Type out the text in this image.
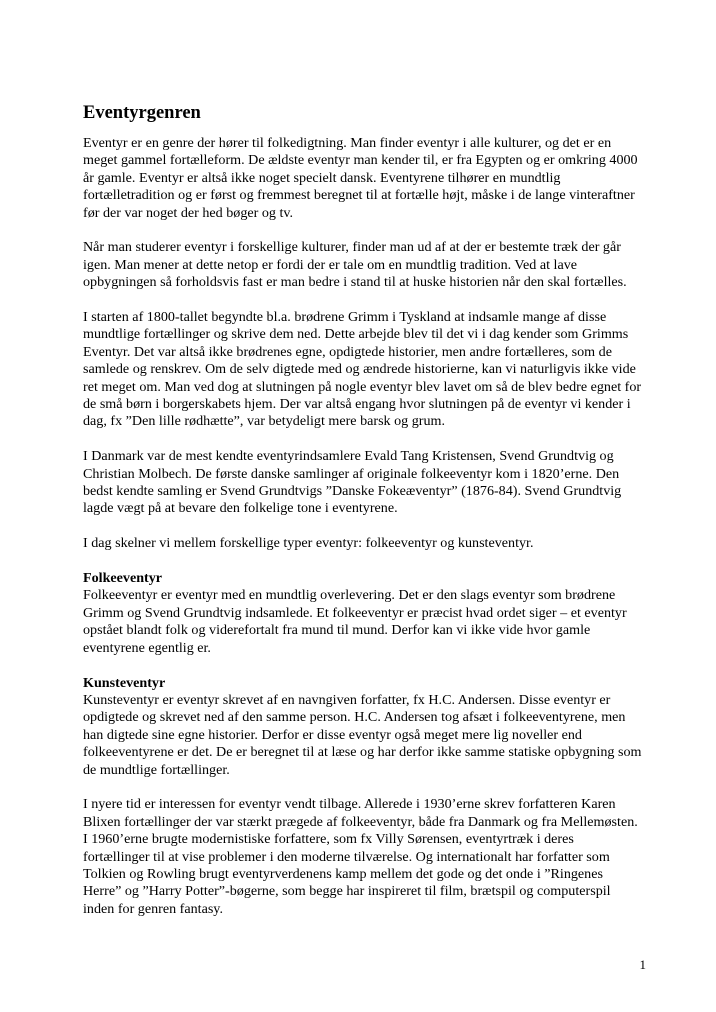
Eventyrgenren

Eventyr er en genre der hører til folkedigtning. Man finder eventyr i alle kulturer, og det er en meget gammel fortælleform. De ældste eventyr man kender til, er fra Egypten og er omkring 4000 år gamle. Eventyr er altså ikke noget specielt dansk. Eventyrene tilhører en mundtlig fortælletradition og er først og fremmest beregnet til at fortælle højt, måske i de lange vinteraftner før der var noget der hed bøger og tv.

Når man studerer eventyr i forskellige kulturer, finder man ud af at der er bestemte træk der går igen. Man mener at dette netop er fordi der er tale om en mundtlig tradition. Ved at lave opbygningen så forholdsvis fast er man bedre i stand til at huske historien når den skal fortælles.

I starten af 1800-tallet begyndte bl.a. brødrene Grimm i Tyskland at indsamle mange af disse mundtlige fortællinger og skrive dem ned. Dette arbejde blev til det vi i dag kender som Grimms Eventyr. Det var altså ikke brødrenes egne, opdigtede historier, men andre fortælleres, som de samlede og renskrev. Om de selv digtede med og ændrede historierne, kan vi naturligvis ikke vide ret meget om. Man ved dog at slutningen på nogle eventyr blev lavet om så de blev bedre egnet for de små børn i borgerskabets hjem. Der var altså engang hvor slutningen på de eventyr vi kender i dag, fx ”Den lille rødhætte”, var betydeligt mere barsk og grum.

I Danmark var de mest kendte eventyrindsamlere Evald Tang Kristensen, Svend Grundtvig og Christian Molbech. De første danske samlinger af originale folkeeventyr kom i 1820’erne. Den bedst kendte samling er Svend Grundtvigs ”Danske Fokeæventyr” (1876-84). Svend Grundtvig lagde vægt på at bevare den folkelige tone i eventyrene.

I dag skelner vi mellem forskellige typer eventyr: folkeeventyr og kunsteventyr.

Folkeeventyr
Folkeeventyr er eventyr med en mundtlig overlevering. Det er den slags eventyr som brødrene Grimm og Svend Grundtvig indsamlede. Et folkeeventyr er præcist hvad ordet siger – et eventyr opstået blandt folk og viderefortalt fra mund til mund. Derfor kan vi ikke vide hvor gamle eventyrene egentlig er.
Kunsteventyr
Kunsteventyr er eventyr skrevet af en navngiven forfatter, fx H.C. Andersen. Disse eventyr er opdigtede og skrevet ned af den samme person. H.C. Andersen tog afsæt i folkeeventyrene, men han digtede sine egne historier. Derfor er disse eventyr også meget mere lig noveller end folkeeventyrene er det. De er beregnet til at læse og har derfor ikke samme statiske opbygning som de mundtlige fortællinger.

I nyere tid er interessen for eventyr vendt tilbage. Allerede i 1930’erne skrev forfatteren Karen Blixen fortællinger der var stærkt prægede af folkeeventyr, både fra Danmark og fra Mellemøsten. I 1960’erne brugte modernistiske forfattere, som fx Villy Sørensen, eventyrtræk i deres fortællinger til at vise problemer i den moderne tilværelse. Og internationalt har forfatter som Tolkien og Rowling brugt eventyrverdenens kamp mellem det gode og det onde i ”Ringenes Herre” og ”Harry Potter”-bøgerne, som begge har inspireret til film, brætspil og computerspil inden for genren fantasy.

1
